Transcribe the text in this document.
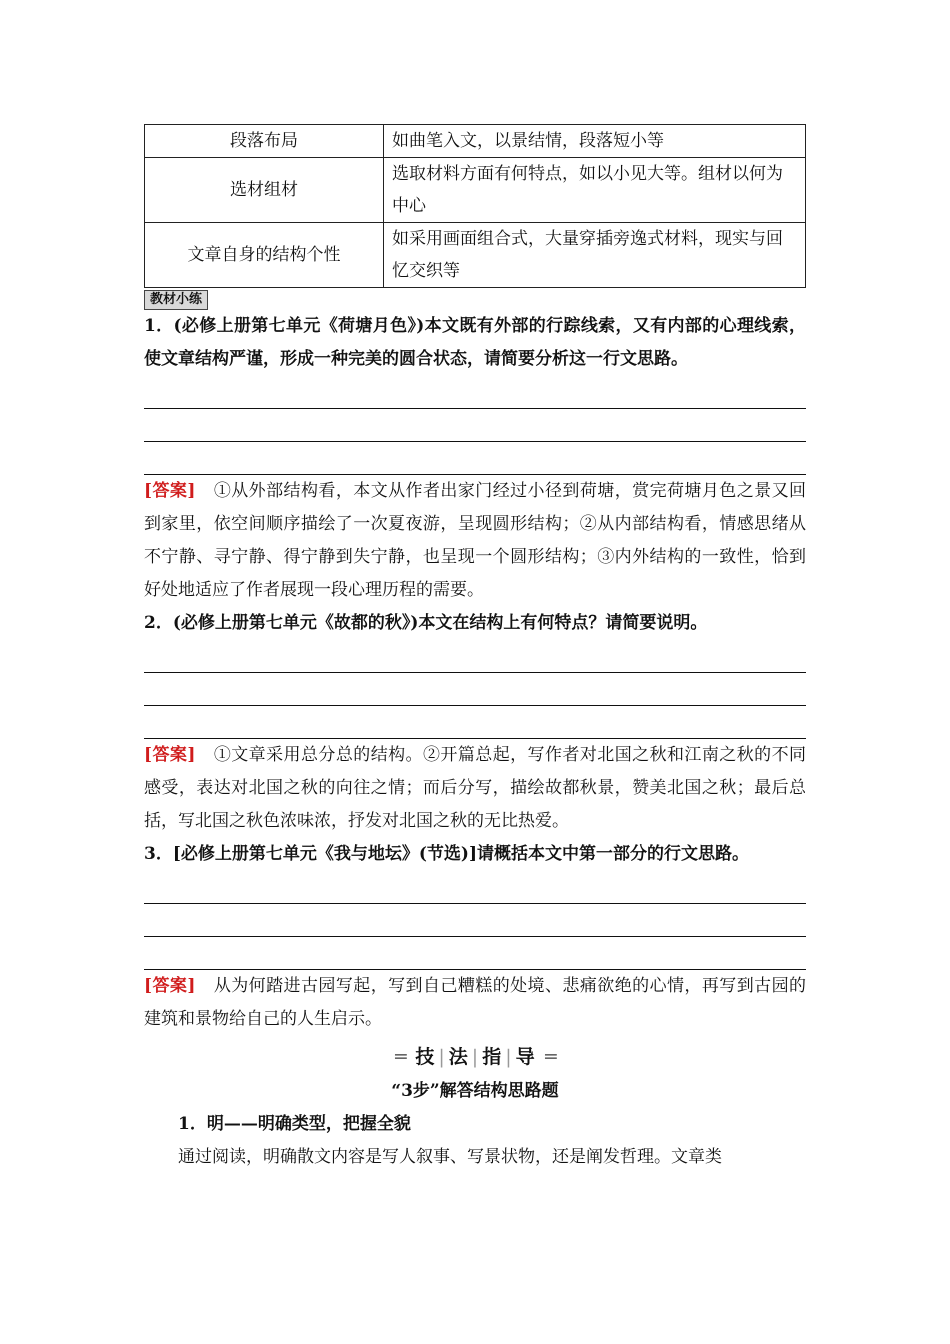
段落布局	如曲笔入文，以景结情，段落短小等
选材组材	选取材料方面有何特点，如以小见大等。组材以何为中心
文章自身的结构个性	如采用画面组合式，大量穿插旁逸式材料，现实与回忆交织等
教材小练

1．(必修上册第七单元《荷塘月色》)本文既有外部的行踪线索，又有内部的心理线索，使文章结构严谨，形成一种完美的圆合状态，请简要分析这一行文思路。

[答案] ①从外部结构看，本文从作者出家门经过小径到荷塘，赏完荷塘月色之景又回到家里，依空间顺序描绘了一次夏夜游，呈现圆形结构；②从内部结构看，情感思绪从不宁静、寻宁静、得宁静到失宁静，也呈现一个圆形结构；③内外结构的一致性，恰到好处地适应了作者展现一段心理历程的需要。

2．(必修上册第七单元《故都的秋》)本文在结构上有何特点？请简要说明。

[答案] ①文章采用总分总的结构。②开篇总起，写作者对北国之秋和江南之秋的不同感受，表达对北国之秋的向往之情；而后分写，描绘故都秋景，赞美北国之秋；最后总括，写北国之秋色浓味浓，抒发对北国之秋的无比热爱。

3．[必修上册第七单元《我与地坛》(节选)]请概括本文中第一部分的行文思路。

[答案] 从为何踏进古园写起，写到自己糟糕的处境、悲痛欲绝的心情，再写到古园的建筑和景物给自己的人生启示。

═ 技 | 法 | 指 | 导 ═
“3步”解答结构思路题

1．明——明确类型，把握全貌

通过阅读，明确散文内容是写人叙事、写景状物，还是阐发哲理。文章类
